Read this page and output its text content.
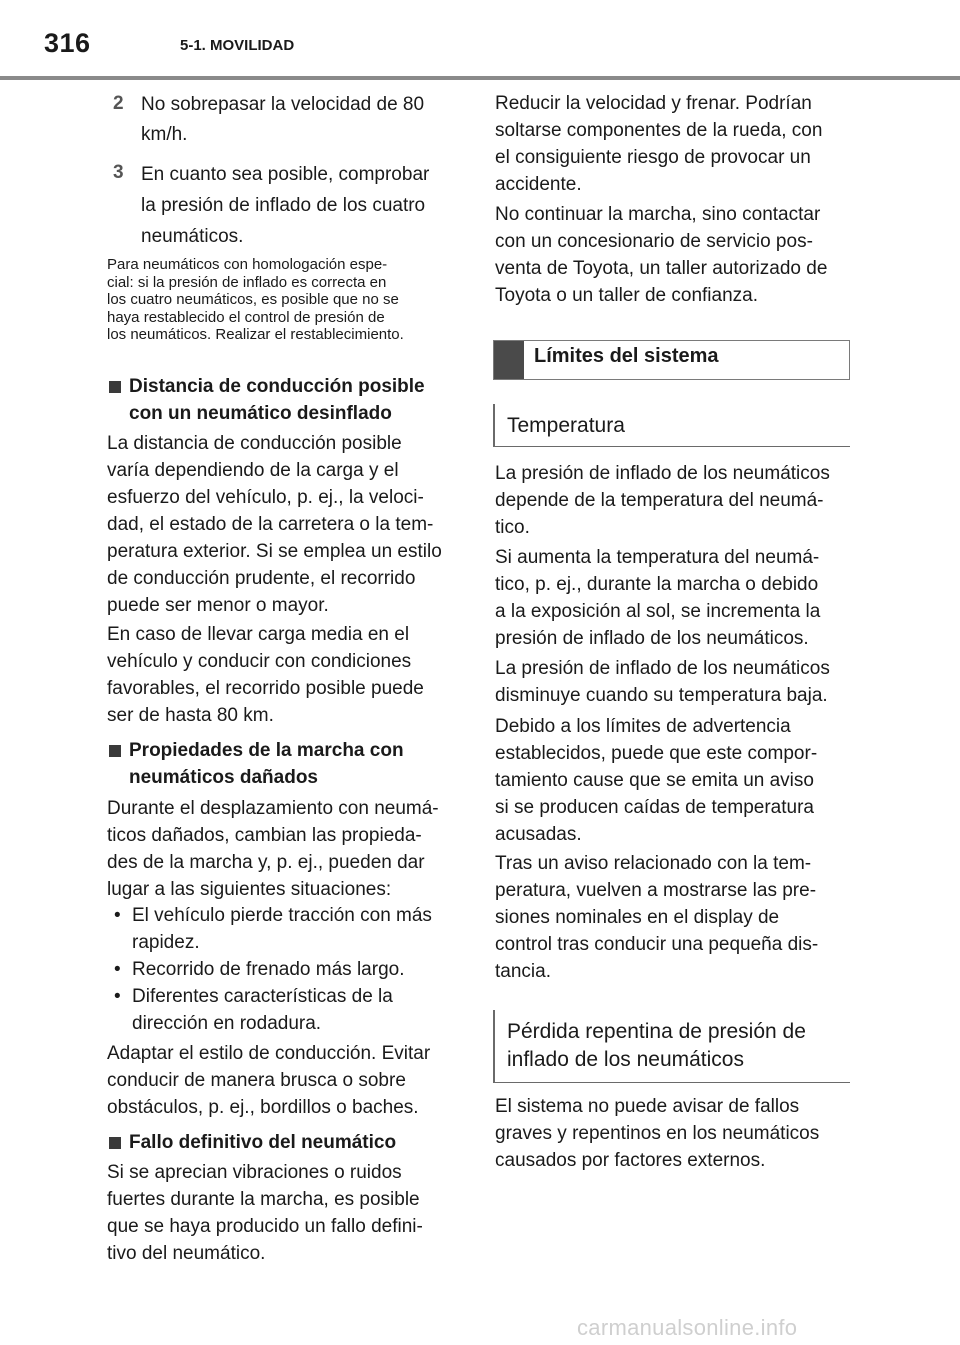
316	5-1. MOVILIDAD
2 No sobrepasar la velocidad de 80
km/h.
3 En cuanto sea posible, comprobar
la presión de inflado de los cuatro
neumáticos.
Para neumáticos con homologación espe-
cial: si la presión de inflado es correcta en
los cuatro neumáticos, es posible que no se
haya restablecido el control de presión de
los neumáticos. Realizar el restablecimiento.
Distancia de conducción posible
con un neumático desinflado
La distancia de conducción posible
varía dependiendo de la carga y el
esfuerzo del vehículo, p. ej., la veloci-
dad, el estado de la carretera o la tem-
peratura exterior. Si se emplea un estilo
de conducción prudente, el recorrido
puede ser menor o mayor.
En caso de llevar carga media en el
vehículo y conducir con condiciones
favorables, el recorrido posible puede
ser de hasta 80 km.
Propiedades de la marcha con
neumáticos dañados
Durante el desplazamiento con neumá-
ticos dañados, cambian las propieda-
des de la marcha y, p. ej., pueden dar
lugar a las siguientes situaciones:
• El vehículo pierde tracción con más
rapidez.
• Recorrido de frenado más largo.
• Diferentes características de la
dirección en rodadura.
Adaptar el estilo de conducción. Evitar
conducir de manera brusca o sobre
obstáculos, p. ej., bordillos o baches.
Fallo definitivo del neumático
Si se aprecian vibraciones o ruidos
fuertes durante la marcha, es posible
que se haya producido un fallo defini-
tivo del neumático.
Reducir la velocidad y frenar. Podrían
soltarse componentes de la rueda, con
el consiguiente riesgo de provocar un
accidente.
No continuar la marcha, sino contactar
con un concesionario de servicio pos-
venta de Toyota, un taller autorizado de
Toyota o un taller de confianza.
Límites del sistema
Temperatura
La presión de inflado de los neumáticos
depende de la temperatura del neumá-
tico.
Si aumenta la temperatura del neumá-
tico, p. ej., durante la marcha o debido
a la exposición al sol, se incrementa la
presión de inflado de los neumáticos.
La presión de inflado de los neumáticos
disminuye cuando su temperatura baja.
Debido a los límites de advertencia
establecidos, puede que este compor-
tamiento cause que se emita un aviso
si se producen caídas de temperatura
acusadas.
Tras un aviso relacionado con la tem-
peratura, vuelven a mostrarse las pre-
siones nominales en el display de
control tras conducir una pequeña dis-
tancia.
Pérdida repentina de presión de
inflado de los neumáticos
El sistema no puede avisar de fallos
graves y repentinos en los neumáticos
causados por factores externos.
carmanualsonline.info
